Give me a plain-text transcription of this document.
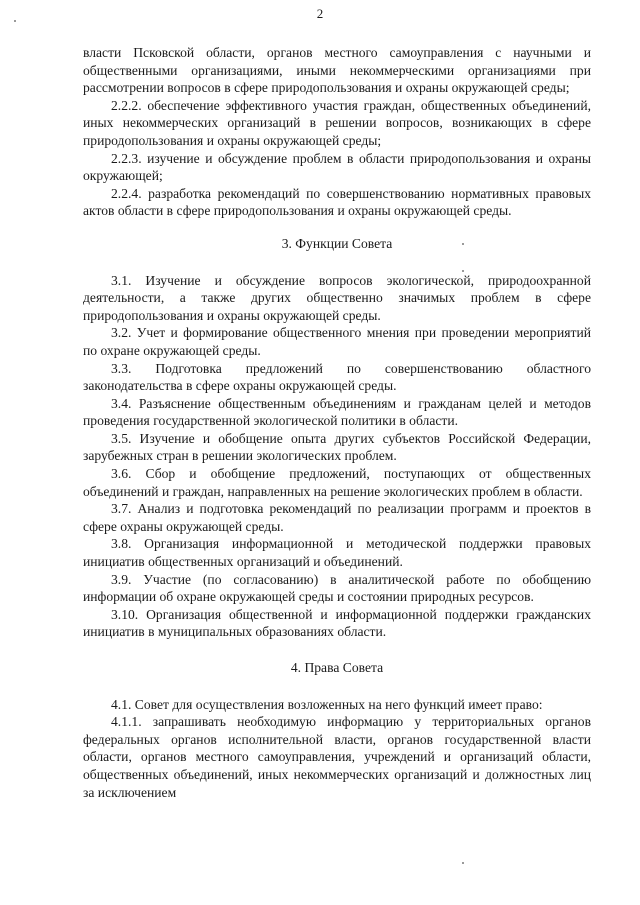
2

власти Псковской области, органов местного самоуправления с научными и общественными организациями, иными некоммерческими организациями при рассмотрении вопросов в сфере природопользования и охраны окружающей среды;

2.2.2. обеспечение эффективного участия граждан, общественных объединений, иных некоммерческих организаций в решении вопросов, возникающих в сфере природопользования и охраны окружающей среды;

2.2.3. изучение и обсуждение проблем в области природопользования и охраны окружающей;

2.2.4. разработка рекомендаций по совершенствованию нормативных правовых актов области в сфере природопользования и охраны окружающей среды.

3. Функции Совета

3.1. Изучение и обсуждение вопросов экологической, природоохранной деятельности, а также других общественно значимых проблем в сфере природопользования и охраны окружающей среды.

3.2. Учет и формирование общественного мнения при проведении мероприятий по охране окружающей среды.

3.3. Подготовка предложений по совершенствованию областного законодательства в сфере охраны окружающей среды.

3.4. Разъяснение общественным объединениям и гражданам целей и методов проведения государственной экологической политики в области.

3.5. Изучение и обобщение опыта других субъектов Российской Федерации, зарубежных стран в решении экологических проблем.

3.6. Сбор и обобщение предложений, поступающих от общественных объединений и граждан, направленных на решение экологических проблем в области.

3.7. Анализ и подготовка рекомендаций по реализации программ и проектов в сфере охраны окружающей среды.

3.8. Организация информационной и методической поддержки правовых инициатив общественных организаций и объединений.

3.9. Участие (по согласованию) в аналитической работе по обобщению информации об охране окружающей среды и состоянии природных ресурсов.

3.10. Организация общественной и информационной поддержки гражданских инициатив в муниципальных образованиях области.

4. Права Совета

4.1. Совет для осуществления возложенных на него функций имеет право:

4.1.1. запрашивать необходимую информацию у территориальных органов федеральных органов исполнительной власти, органов государственной власти области, органов местного самоуправления, учреждений и организаций области, общественных объединений, иных некоммерческих организаций и должностных лиц за исключением
